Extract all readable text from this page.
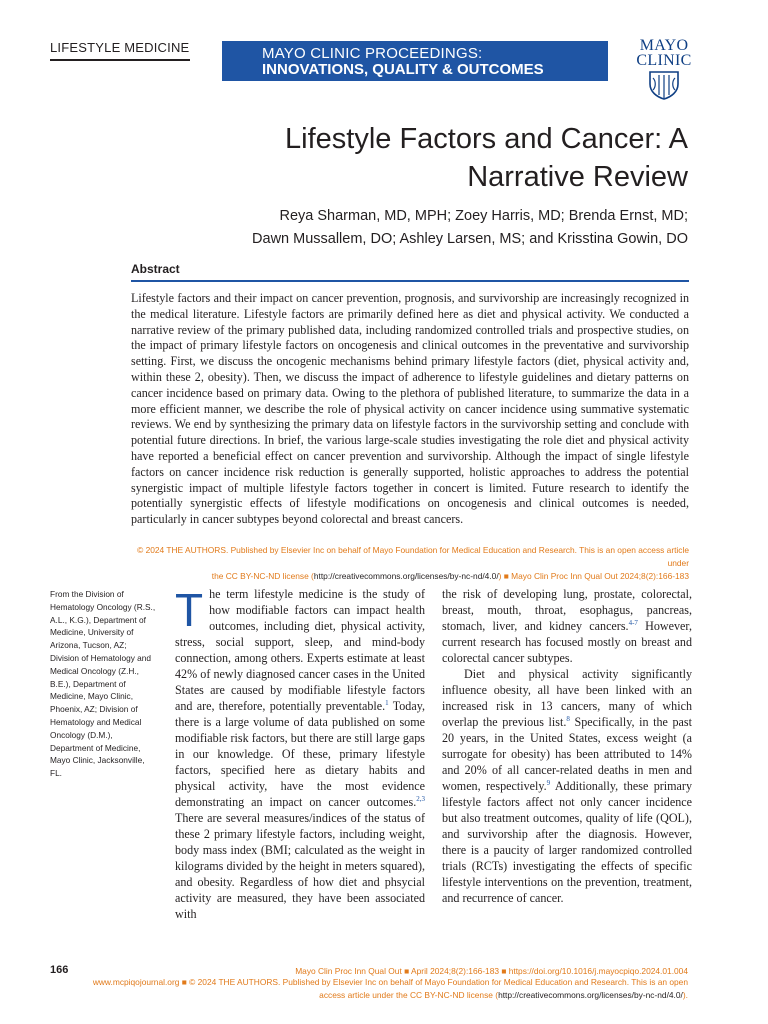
LIFESTYLE MEDICINE	MAYO CLINIC PROCEEDINGS:
INNOVATIONS, QUALITY & OUTCOMES
MAYO
CLINIC
Lifestyle Factors and Cancer: A Narrative Review
Reya Sharman, MD, MPH; Zoey Harris, MD; Brenda Ernst, MD;
Dawn Mussallem, DO; Ashley Larsen, MS; and Krisstina Gowin, DO
Abstract
Lifestyle factors and their impact on cancer prevention, prognosis, and survivorship are increasingly recognized in the medical literature. Lifestyle factors are primarily defined here as diet and physical activity. We conducted a narrative review of the primary published data, including randomized controlled trials and prospective studies, on the impact of primary lifestyle factors on oncogenesis and clinical outcomes in the preventative and survivorship setting. First, we discuss the oncogenic mechanisms behind primary lifestyle factors (diet, physical activity and, within these 2, obesity). Then, we discuss the impact of adherence to lifestyle guidelines and dietary patterns on cancer incidence based on primary data. Owing to the plethora of published literature, to summarize the data in a more efficient manner, we describe the role of physical activity on cancer incidence using summative systematic reviews. We end by synthesizing the primary data on lifestyle factors in the survivorship setting and conclude with potential future directions. In brief, the various large-scale studies investigating the role diet and physical activity have reported a beneficial effect on cancer prevention and survivorship. Although the impact of single lifestyle factors on cancer incidence risk reduction is generally supported, holistic approaches to address the potential synergistic impact of multiple lifestyle factors together in concert is limited. Future research to identify the potentially synergistic effects of lifestyle modifications on oncogenesis and clinical outcomes is needed, particularly in cancer subtypes beyond colorectal and breast cancers.
© 2024 THE AUTHORS. Published by Elsevier Inc on behalf of Mayo Foundation for Medical Education and Research. This is an open access article under
the CC BY-NC-ND license (http://creativecommons.org/licenses/by-nc-nd/4.0/) ■ Mayo Clin Proc Inn Qual Out 2024;8(2):166-183
From the Division of Hematology Oncology (R.S., A.L., K.G.), Department of Medicine, University of Arizona, Tucson, AZ; Division of Hematology and Medical Oncology (Z.H., B.E.), Department of Medicine, Mayo Clinic, Phoenix, AZ; Division of Hematology and Medical Oncology (D.M.), Department of Medicine, Mayo Clinic, Jacksonville, FL.

The term lifestyle medicine is the study of how modifiable factors can impact health outcomes, including diet, physical activity, stress, social support, sleep, and mind-body connection, among others. Experts estimate at least 42% of newly diagnosed cancer cases in the United States are caused by modifiable lifestyle factors and are, therefore, potentially preventable.$^1$ Today, there is a large volume of data published on some modifiable risk factors, but there are still large gaps in our knowledge. Of these, primary lifestyle factors, specified here as dietary habits and physical activity, have the most evidence demonstrating an impact on cancer outcomes.$^{2,3}$ There are several measures/indices of the status of these 2 primary lifestyle factors, including weight, body mass index (BMI; calculated as the weight in kilograms divided by the height in meters squared), and obesity. Regardless of how diet and phsycial activity are measured, they have been associated with

the risk of developing lung, prostate, colorectal, breast, mouth, throat, esophagus, pancreas, stomach, liver, and kidney cancers.$^{4-7}$ However, current research has focused mostly on breast and colorectal cancer subtypes.

Diet and physical activity significantly influence obesity, all have been linked with an increased risk in 13 cancers, many of which overlap the previous list.$^8$ Specifically, in the past 20 years, in the United States, excess weight (a surrogate for obesity) has been attributed to 14% and 20% of all cancer-related deaths in men and women, respectively.$^9$ Additionally, these primary lifestyle factors affect not only cancer incidence but also treatment outcomes, quality of life (QOL), and survivorship after the diagnosis. However, there is a paucity of larger randomized controlled trials (RCTs) investigating the effects of specific lifestyle interventions on the prevention, treatment, and recurrence of cancer.

166	Mayo Clin Proc Inn Qual Out ■ April 2024;8(2):166-183 ■ https://doi.org/10.1016/j.mayocpiqo.2024.01.004
www.mcpiqojournal.org ■ © 2024 THE AUTHORS. Published by Elsevier Inc on behalf of Mayo Foundation for Medical Education and Research. This is an open
access article under the CC BY-NC-ND license (http://creativecommons.org/licenses/by-nc-nd/4.0/).
